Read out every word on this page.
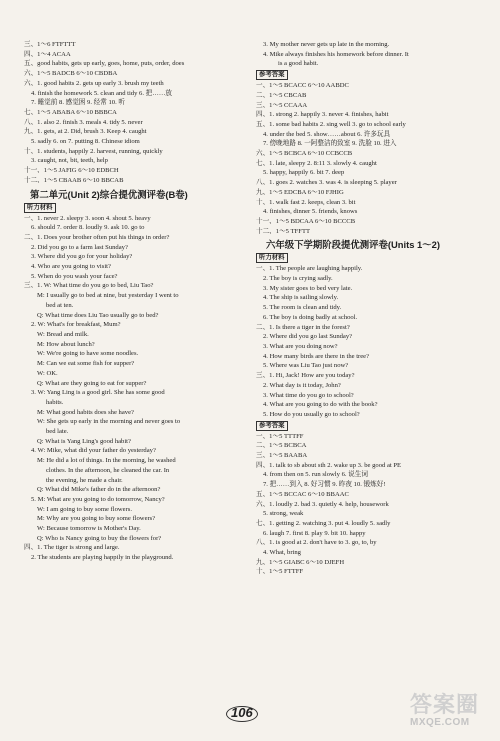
三、1～6 FTFTTT
四、1～4 ACAA
五、good habits, gets up early, goes, home, puts, order, does
六、1～5 BADCB 6～10 CBDBA
六、1. good habits 2. gets up early 3. brush my teeth
4. finish the homework 5. clean and tidy 6. 把……放
7. 睡觉前 8. 感觉困 9. 经常 10. 听
七、1～5 ABABA 6～10 BBBCA
八、1. also 2. finish 3. meals 4. tidy 5. never
九、1. gets, at 2. Did, brush 3. Keep 4. caught
5. sadly 6. on 7. putting 8. Chinese idiom
十、1. students, happily 2. harvest, running, quickly
3. caught, not, bit, teeth, help
十一、1～5 JAFIG 6～10 EDBCH
十二、1～5 CBAAB 6～10 BBCAB
第二单元(Unit 2)综合提优测评卷(B卷)
听力材料
一、1. never 2. sleepy 3. soon 4. shout 5. heavy
6. should 7. order 8. loudly 9. ask 10. go to
二、1. Does your brother often put his things in order?
2. Did you go to a farm last Sunday?
3. Where did you go for your holiday?
4. Who are you going to visit?
5. When do you wash your face?
三、1. W: What time do you go to bed, Liu Tao?
M: I usually go to bed at nine, but yesterday I went to
bed at ten.
Q: What time does Liu Tao usually go to bed?
2. W: What's for breakfast, Mum?
W: Bread and milk.
M: How about lunch?
W: We're going to have some noodles.
M: Can we eat some fish for supper?
W: OK.
Q: What are they going to eat for supper?
3. W: Yang Ling is a good girl. She has some good
habits.
M: What good habits does she have?
W: She gets up early in the morning and never goes to
bed late.
Q: What is Yang Ling's good habit?
4. W: Mike, what did your father do yesterday?
M: He did a lot of things. In the morning, he washed
clothes. In the afternoon, he cleaned the car. In
the evening, he made a chair.
Q: What did Mike's father do in the afternoon?
5. M: What are you going to do tomorrow, Nancy?
W: I am going to buy some flowers.
M: Why are you going to buy some flowers?
W: Because tomorrow is Mother's Day.
Q: Who is Nancy going to buy the flowers for?
四、1. The tiger is strong and large.
2. The students are playing happily in the playground.
3. My mother never gets up late in the morning.
4. Mike always finishes his homework before dinner. It
is a good habit.
参考答案
一、1～5 BCACC 6～10 AABDC
二、1～5 CBCAB
三、1～5 CCAAA
四、1. strong 2. happily 3. never 4. finishes, habit
五、1. some bad habits 2. sing well 3. go to school early
4. under the bed 5. show……about 6. 许多玩具
7. 傍晚地路 8. 一阿整洁的致室 9. 洗脸 10. 进入
六、1～5 BCBCA 6～10 CCBCCB
七、1. late, sleepy 2. 8:11 3. slowly 4. caught
5. happy, happily 6. bit 7. deep
八、1. goes 2. watches 3. was 4. is sleeping 5. player
九、1～5 EDCBA 6～10 FJHIG
十、1. walk fast 2. keeps, clean 3. bit
4. finishes, dinner 5. friends, knows
十一、1～5 BDCAA 6～10 BCCCB
十二、1～5 TFFTT
六年级下学期阶段提优测评卷(Units 1～2)
听力材料
一、1. The people are laughing happily.
2. The boy is crying sadly.
3. My sister goes to bed very late.
4. The ship is sailing slowly.
5. The room is clean and tidy.
6. The boy is doing badly at school.
二、1. Is there a tiger in the forest?
2. Where did you go last Sunday?
3. What are you doing now?
4. How many birds are there in the tree?
5. Where was Liu Tao just now?
三、1. Hi, Jack! How are you today?
2. What day is it today, John?
3. What time do you go to school?
4. What are you going to do with the book?
5. How do you usually go to school?
参考答案
一、1～5 TTTFF
二、1～5 BCBCA
三、1～5 BAABA
四、1. talk to sb about sth 2. wake up 3. be good at PE
4. from then on 5. run slowly 6. 说生词
7. 把……到入 8. 好习惯 9. 昨夜 10. 锻炼好!
五、1～5 BCCAC 6～10 BBAAC
六、1. loudly 2. bad 3. quietly 4. help, housework
5. strong, weak
七、1. getting 2. watching 3. put 4. loudly 5. sadly
6. laugh 7. first 8. play 9. bit 10. happy
八、1. is good at 2. don't have to 3. go, to, by
4. What, bring
九、1～5 GIABC 6～10 DJEFH
十、1～5 FTTFF
106	答案圈
MXQE.COM
